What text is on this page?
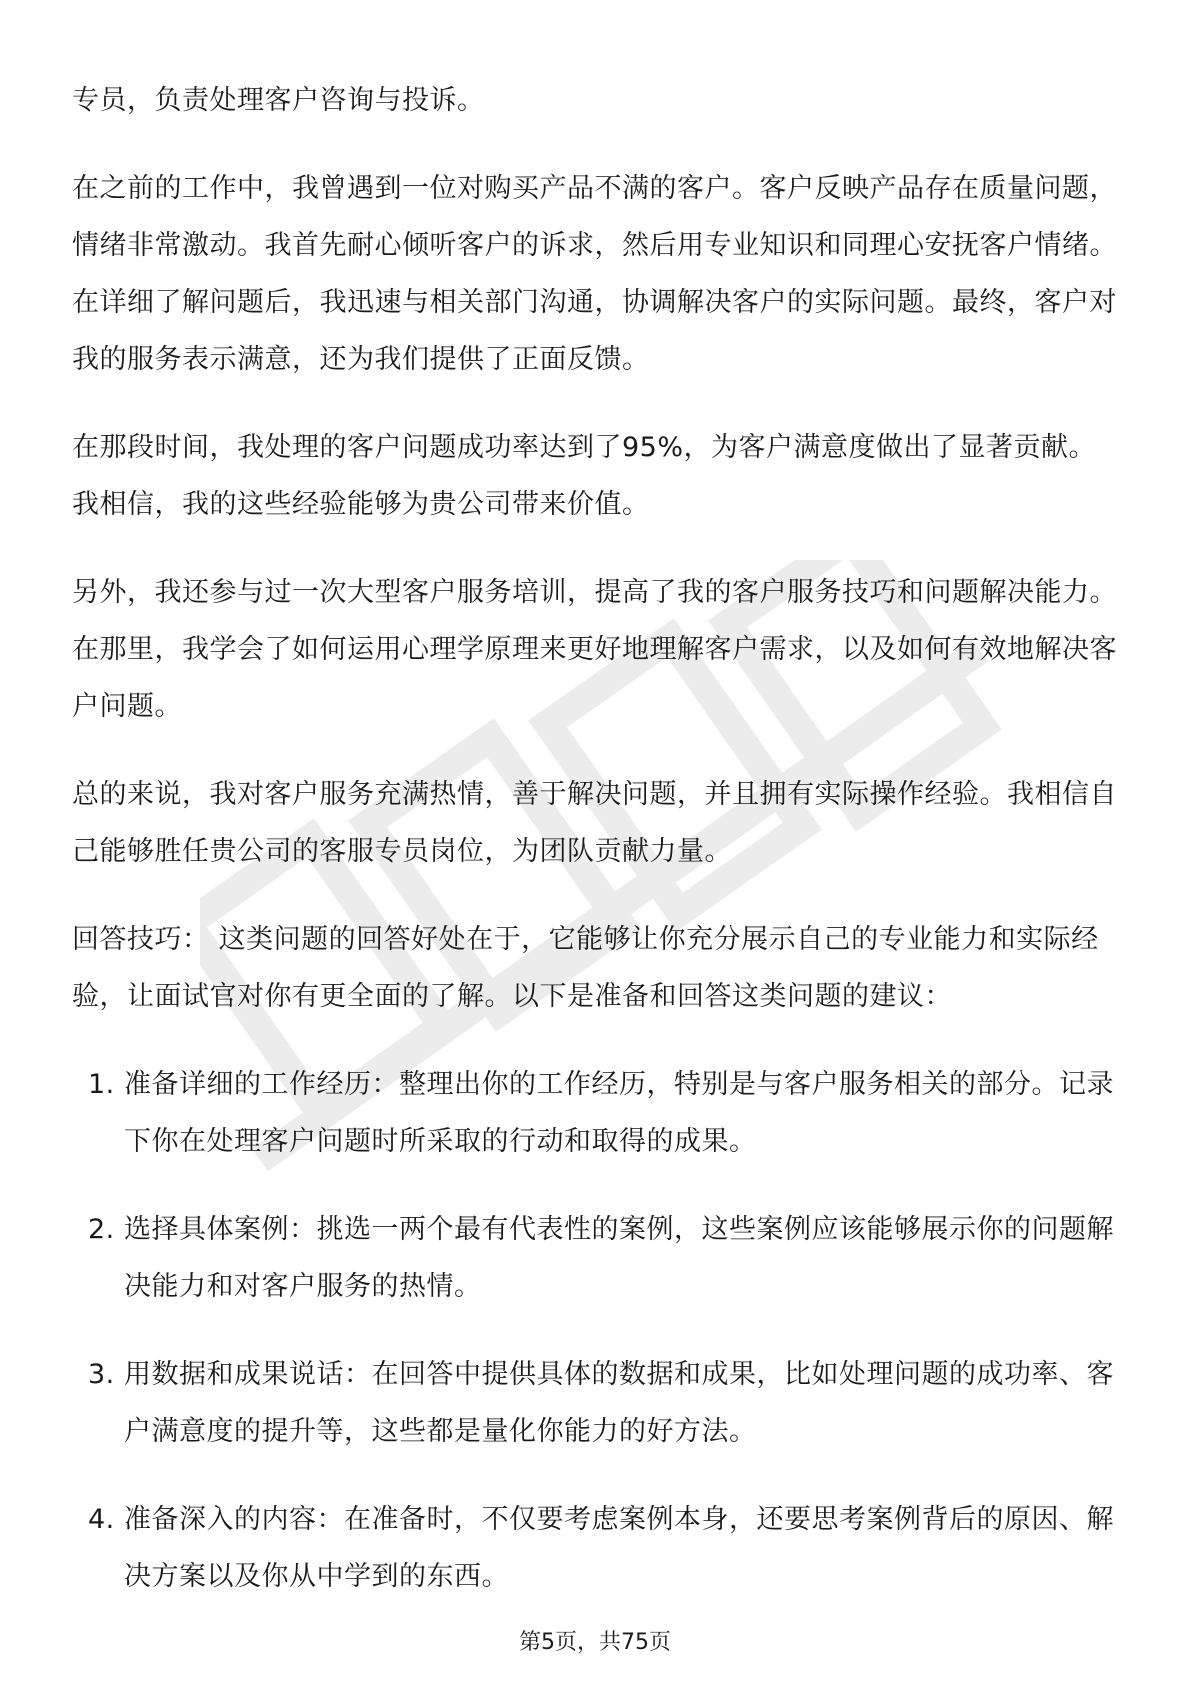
专员，负责处理客户咨询与投诉。

在之前的工作中，我曾遇到一位对购买产品不满的客户。客户反映产品存在质量问题，情绪非常激动。我首先耐心倾听客户的诉求，然后用专业知识和同理心安抚客户情绪。在详细了解问题后，我迅速与相关部门沟通，协调解决客户的实际问题。最终，客户对我的服务表示满意，还为我们提供了正面反馈。

在那段时间，我处理的客户问题成功率达到了95%，为客户满意度做出了显著贡献。我相信，我的这些经验能够为贵公司带来价值。

另外，我还参与过一次大型客户服务培训，提高了我的客户服务技巧和问题解决能力。在那里，我学会了如何运用心理学原理来更好地理解客户需求，以及如何有效地解决客户问题。

总的来说，我对客户服务充满热情，善于解决问题，并且拥有实际操作经验。我相信自己能够胜任贵公司的客服专员岗位，为团队贡献力量。

回答技巧： 这类问题的回答好处在于，它能够让你充分展示自己的专业能力和实际经验，让面试官对你有更全面的了解。以下是准备和回答这类问题的建议：

1. 准备详细的工作经历：整理出你的工作经历，特别是与客户服务相关的部分。记录下你在处理客户问题时所采取的行动和取得的成果。
2. 选择具体案例：挑选一两个最有代表性的案例，这些案例应该能够展示你的问题解决能力和对客户服务的热情。
3. 用数据和成果说话：在回答中提供具体的数据和成果，比如处理问题的成功率、客户满意度的提升等，这些都是量化你能力的好方法。
4. 准备深入的内容：在准备时，不仅要考虑案例本身，还要思考案例背后的原因、解决方案以及你从中学到的东西。
第5页，共75页
